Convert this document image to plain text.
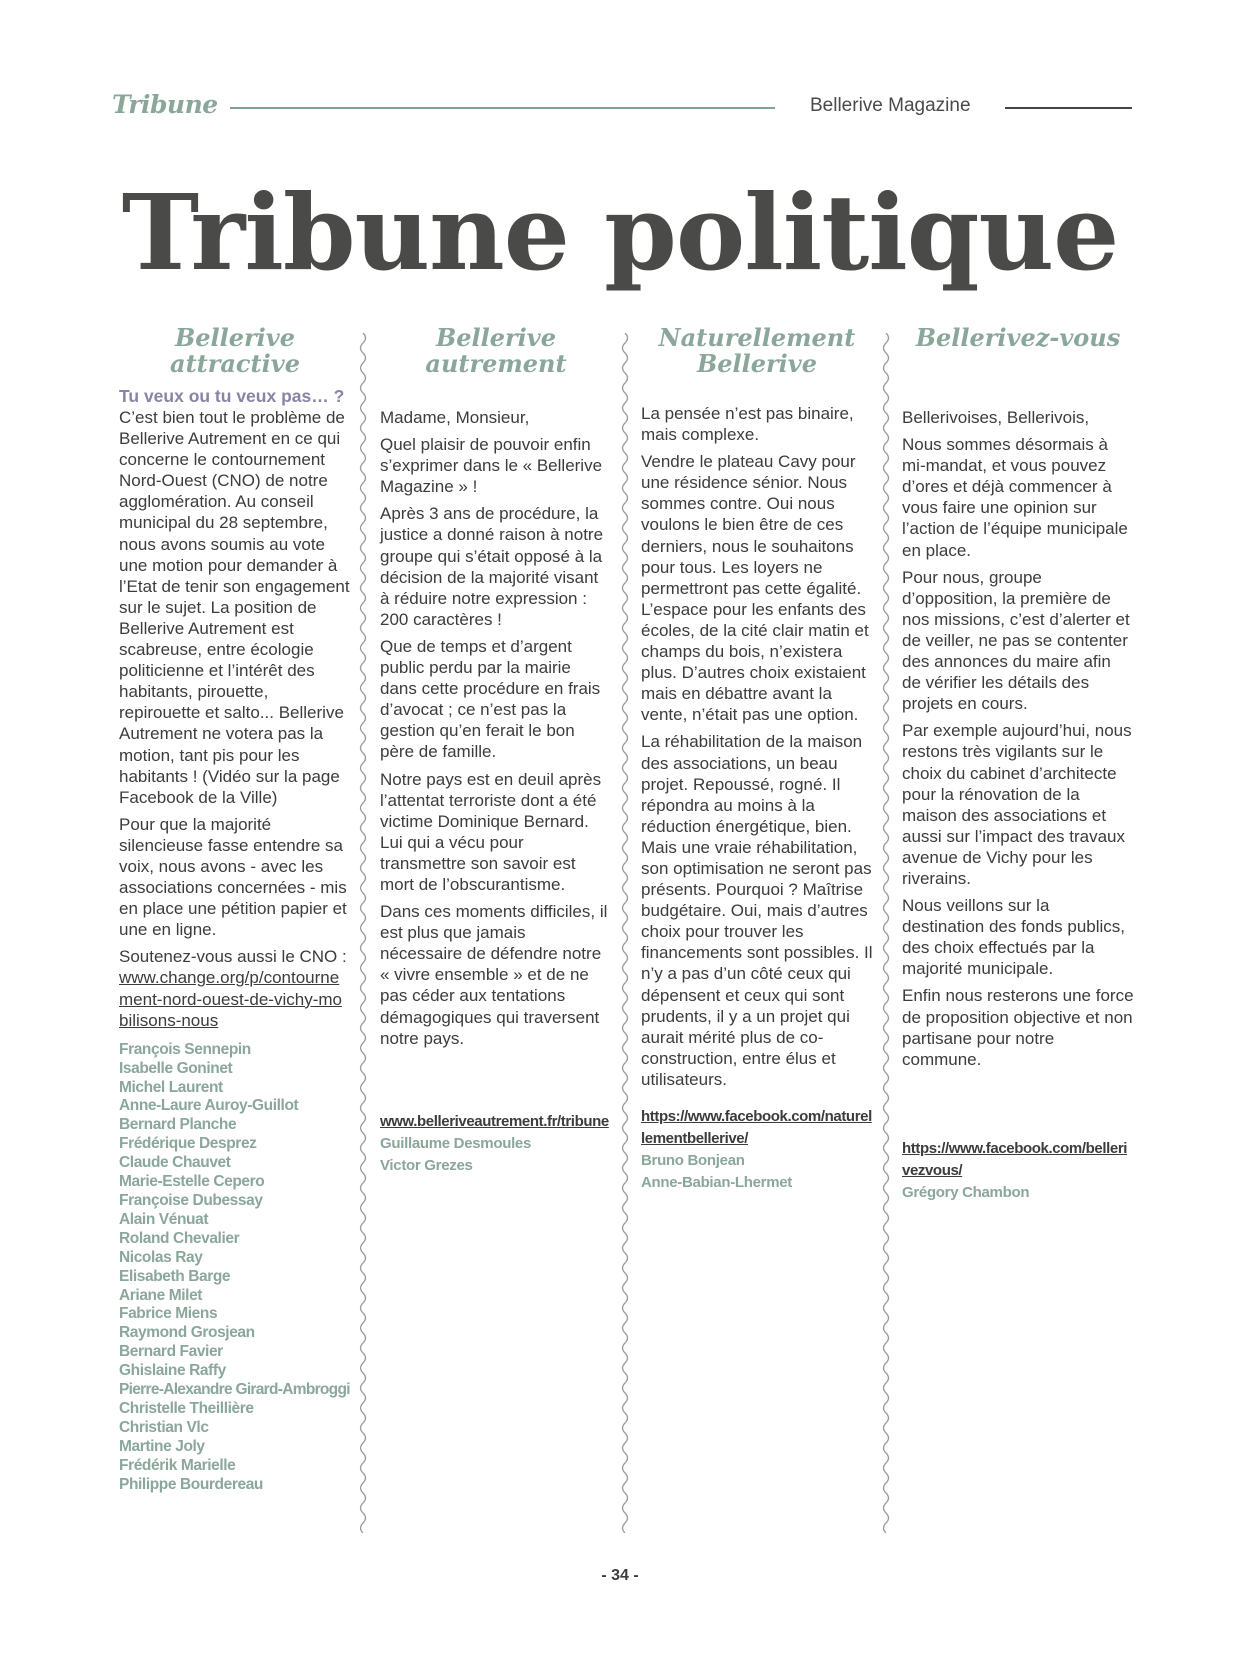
Tribune	Bellerive Magazine
Tribune politique
Bellerive
attractive

Tu veux ou tu veux pas… ?

C’est bien tout le problème de Bellerive Autrement en ce qui concerne le contournement Nord-Ouest (CNO) de notre agglomération. Au conseil municipal du 28 septembre, nous avons soumis au vote une motion pour demander à l’Etat de tenir son engagement sur le sujet. La position de Bellerive Autrement est scabreuse, entre écologie politicienne et l’intérêt des habitants, pirouette, repirouette et salto... Bellerive Autrement ne votera pas la motion, tant pis pour les habitants ! (Vidéo sur la page Facebook de la Ville)

Pour que la majorité silencieuse fasse entendre sa voix, nous avons - avec les associations concernées - mis en place une pétition papier et une en ligne.

Soutenez-vous aussi le CNO : www.change.org/p/contournement-nord-ouest-de-vichy-mobilisons-nous

François Sennepin
Isabelle Goninet
Michel Laurent
Anne-Laure Auroy-Guillot
Bernard Planche
Frédérique Desprez
Claude Chauvet
Marie-Estelle Cepero
Françoise Dubessay
Alain Vénuat
Roland Chevalier
Nicolas Ray
Elisabeth Barge
Ariane Milet
Fabrice Miens
Raymond Grosjean
Bernard Favier
Ghislaine Raffy
Pierre-Alexandre Girard-Ambroggi
Christelle Theillière
Christian Vlc
Martine Joly
Frédérik Marielle
Philippe Bourdereau
Bellerive
autrement

Madame, Monsieur,

Quel plaisir de pouvoir enfin s’exprimer dans le « Bellerive Magazine » !

Après 3 ans de procédure, la justice a donné raison à notre groupe qui s’était opposé à la décision de la majorité visant à réduire notre expression : 200 caractères !

Que de temps et d’argent public perdu par la mairie dans cette procédure en frais d’avocat ; ce n’est pas la gestion qu’en ferait le bon père de famille.

Notre pays est en deuil après l’attentat terroriste dont a été victime Dominique Bernard. Lui qui a vécu pour transmettre son savoir est mort de l’obscurantisme.

Dans ces moments difficiles, il est plus que jamais nécessaire de défendre notre « vivre ensemble » et de ne pas céder aux tentations démagogiques qui traversent notre pays.

www.belleriveautrement.fr/tribune
Guillaume Desmoules
Victor Grezes
Naturellement
Bellerive

La pensée n’est pas binaire, mais complexe.

Vendre le plateau Cavy pour une résidence sénior. Nous sommes contre. Oui nous voulons le bien être de ces derniers, nous le souhaitons pour tous. Les loyers ne permettront pas cette égalité. L’espace pour les enfants des écoles, de la cité clair matin et champs du bois, n’existera plus. D’autres choix existaient mais en débattre avant la vente, n’était pas une option.

La réhabilitation de la maison des associations, un beau projet. Repoussé, rogné. Il répondra au moins à la réduction énergétique, bien. Mais une vraie réhabilitation, son optimisation ne seront pas présents. Pourquoi ? Maîtrise budgétaire. Oui, mais d’autres choix pour trouver les financements sont possibles. Il n’y a pas d’un côté ceux qui dépensent et ceux qui sont prudents, il y a un projet qui aurait mérité plus de co-construction, entre élus et utilisateurs.

https://www.facebook.com/naturellementbellerive/
Bruno Bonjean
Anne-Babian-Lhermet
Bellerivez-vous

Bellerivoises, Bellerivois,

Nous sommes désormais à mi-mandat, et vous pouvez d’ores et déjà commencer à vous faire une opinion sur l’action de l’équipe municipale en place.

Pour nous, groupe d’opposition, la première de nos missions, c’est d’alerter et de veiller, ne pas se contenter des annonces du maire afin de vérifier les détails des projets en cours.

Par exemple aujourd’hui, nous restons très vigilants sur le choix du cabinet d’architecte pour la rénovation de la maison des associations et aussi sur l’impact des travaux avenue de Vichy pour les riverains.

Nous veillons sur la destination des fonds publics, des choix effectués par la majorité municipale.

Enfin nous resterons une force de proposition objective et non partisane pour notre commune.

https://www.facebook.com/bellerivezvous/
Grégory Chambon
- 34 -
